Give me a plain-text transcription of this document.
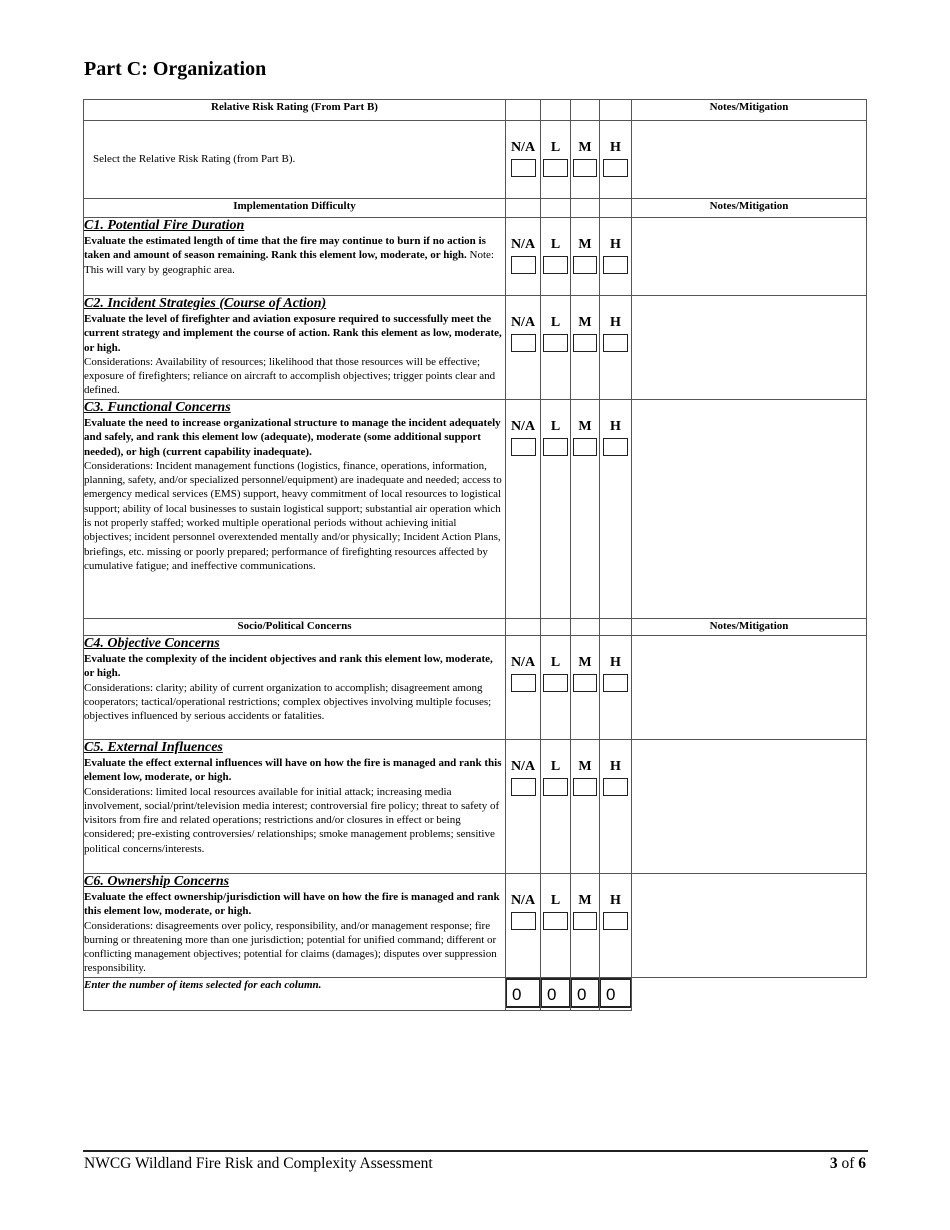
Part C: Organization
Relative Risk Rating (From Part B)					Notes/Mitigation
Select the Relative Risk Rating (from Part B).	N/A	L	M	H	

Implementation Difficulty					Notes/Mitigation

C1. Potential Fire Duration
Evaluate the estimated length of time that the fire may continue to burn if no action is taken and amount of season remaining. Rank this element low, moderate, or high. Note: This will vary by geographic area.	N/A	L	M	H	

C2. Incident Strategies (Course of Action)
Evaluate the level of firefighter and aviation exposure required to successfully meet the current strategy and implement the course of action. Rank this element as low, moderate, or high.
Considerations: Availability of resources; likelihood that those resources will be effective; exposure of firefighters; reliance on aircraft to accomplish objectives; trigger points clear and defined.	N/A	L	M	H	

C3. Functional Concerns
Evaluate the need to increase organizational structure to manage the incident adequately and safely, and rank this element low (adequate), moderate (some additional support needed), or high (current capability inadequate).
Considerations: Incident management functions (logistics, finance, operations, information, planning, safety, and/or specialized personnel/equipment) are inadequate and needed; access to emergency medical services (EMS) support, heavy commitment of local resources to logistical support; ability of local businesses to sustain logistical support; substantial air operation which is not properly staffed; worked multiple operational periods without achieving initial objectives; incident personnel overextended mentally and/or physically; Incident Action Plans, briefings, etc. missing or poorly prepared; performance of firefighting resources affected by cumulative fatigue; and ineffective communications.	N/A	L	M	H	

Socio/Political Concerns					Notes/Mitigation

C4. Objective Concerns
Evaluate the complexity of the incident objectives and rank this element low, moderate, or high.
Considerations: clarity; ability of current organization to accomplish; disagreement among cooperators; tactical/operational restrictions; complex objectives involving multiple focuses; objectives influenced by serious accidents or fatalities.	N/A	L	M	H	

C5. External Influences
Evaluate the effect external influences will have on how the fire is managed and rank this element low, moderate, or high.
Considerations: limited local resources available for initial attack; increasing media involvement, social/print/television media interest; controversial fire policy; threat to safety of visitors from fire and related operations; restrictions and/or closures in effect or being considered; pre-existing controversies/ relationships; smoke management problems; sensitive political concerns/interests.	N/A	L	M	H	

C6. Ownership Concerns
Evaluate the effect ownership/jurisdiction will have on how the fire is managed and rank this element low, moderate, or high.
Considerations: disagreements over policy, responsibility, and/or management response; fire burning or threatening more than one jurisdiction; potential for unified command; different or conflicting management objectives; potential for claims (damages); disputes over suppression responsibility.	N/A	L	M	H	

Enter the number of items selected for each column.	0	0	0	0	

NWCG Wildland Fire Risk and Complexity Assessment	3 of 6
